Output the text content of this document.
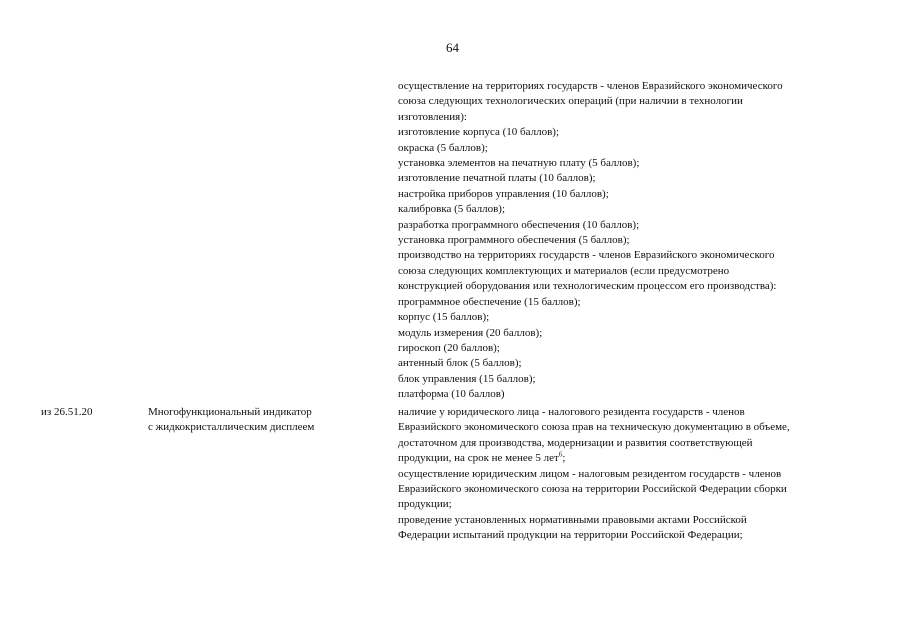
64
осуществление на территориях государств - членов Евразийского экономического
союза следующих технологических операций (при наличии в технологии
изготовления):
изготовление корпуса (10 баллов);
окраска (5 баллов);
установка элементов на печатную плату (5 баллов);
изготовление печатной платы (10 баллов);
настройка приборов управления (10 баллов);
калибровка (5 баллов);
разработка программного обеспечения (10 баллов);
установка программного обеспечения (5 баллов);
производство на территориях государств - членов Евразийского экономического
союза следующих комплектующих и материалов (если предусмотрено
конструкцией оборудования или технологическим процессом его производства):
программное обеспечение (15 баллов);
корпус (15 баллов);
модуль измерения (20 баллов);
гироскоп (20 баллов);
антенный блок (5 баллов);
блок управления (15 баллов);
платформа (10 баллов)
из 26.51.20	Многофункциональный индикатор
с жидкокристаллическим дисплеем
наличие у юридического лица - налогового резидента государств - членов
Евразийского экономического союза прав на техническую документацию в объеме,
достаточном для производства, модернизации и развития соответствующей
продукции, на срок не менее 5 лет$^6$;
осуществление юридическим лицом - налоговым резидентом государств - членов
Евразийского экономического союза на территории Российской Федерации сборки
продукции;
проведение установленных нормативными правовыми актами Российской
Федерации испытаний продукции на территории Российской Федерации;
